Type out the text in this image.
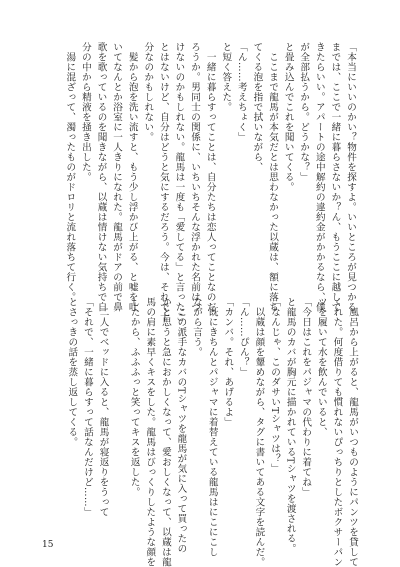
「本当にいいのかい？物件を探すよ。いいところが見つかる
までは、ここで一緒に暮らさないか？ん、もうここに越して
きたらいい。アパートの途中解約の違約金がかかるなら、僕
が全部払うから。どうかな？」
と畳み込んでこれを聞いてくる。
　ここまで龍馬が本気だとは思わなかった以蔵は、額に落ち
てくる泡を指で拭いながら、
「ん……考えちょく」
と短く答えた。
　一緒に暮らすってことは、自分たちは恋人ってことなのだ
ろうか。男同士の関係に、いちいちそんな浮かれた名前はつ
けないのかもしれない。龍馬は一度も「愛してる」と言ったこ
とはないけど、自分はどうと気にするだろう。今は、それで十
分なのかもしれない。
　髪から泡を洗い流すと、もう少し浮かび上がる、と嘘を吐
いてなんとか浴室に一人きりになれた。龍馬がドアの前で鼻
歌を歌っているのを聞きながら、以蔵は情けない気持ちで自
分の中から精液を掻き出した。
　湯に混ざって、濁ったものがドロリと流れ落ちて行く。
　風呂から上がると、龍馬がいつものようにパンツを貸して
くれた。何度借りても慣れないぴっちりとしたボクサーパン
ツを履いて水を飲んでいると、
「今日はこれをパジャマの代わりに着てね」
と龍馬のカバが胸元に描かれているTシャツを渡される。
「なんじゃ、このダサいTシャツは？」
　以蔵は顔を顰めながら、タグに書いてある文字を読んだ。
「ん……ぴん？」
「カンバ。それ、あげるよ」
　既にきちんとパジャマに着替えている龍馬はにこにこし
ながら言う。
　この派手なカバのTシャツを龍馬が気に入って買ったの
かと思うと急におかしくなって、愛おしくなって、以蔵は龍
馬の肩に素早くキスをした。龍馬はびっくりしたような顔を
したから、ふふふっと笑ってキスを返した。

　二人でベッドに入ると、龍馬が寝返りをうって
「それで、一緒に暮らすって話なんだけど……」
とさっきの話を蒸し返してくる。
15
